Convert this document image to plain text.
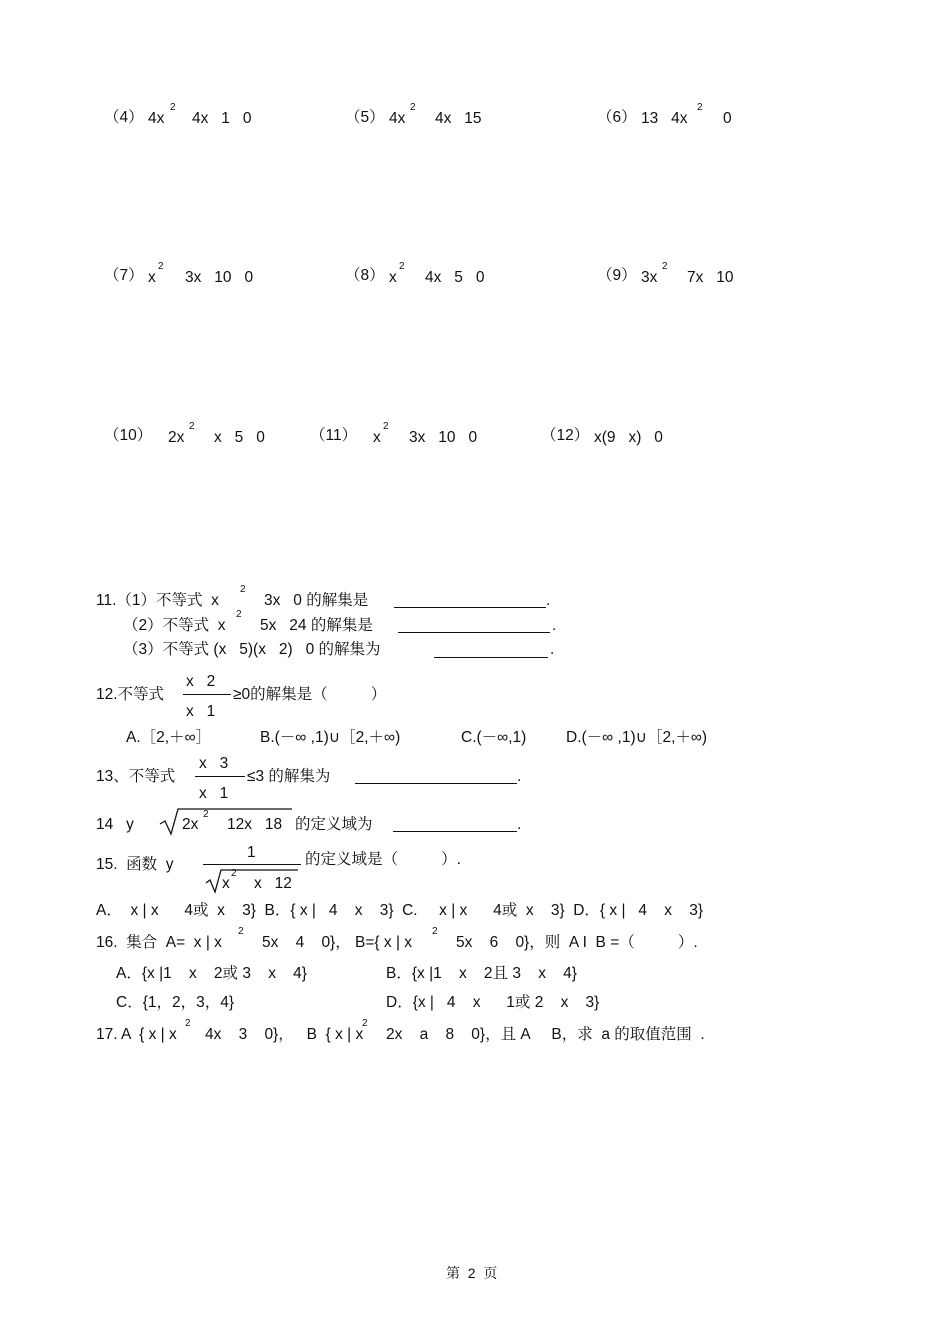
（4） 4x
2
4x   1   0	（5） 4x
2
4x   15	（6） 13   4x
2
0
（7） x
2
3x   10   0	（8） x
2
4x   5   0	（9） 3x
2
7x   10
（10） 2x
2
x   5   0	（11） x
2
3x   10   0	（12） x(9   x)   0
11.（1）不等式  x
2
3x   0 的解集是	.
（2）不等式  x
2
5x   24 的解集是	.
（3）不等式 (x   5)(x   2)   0 的解集为	.
12.不等式
x   2
x   1
≥0的解集是（          ）
A.［2,＋∞］	B.(－∞ ,1)∪［2,＋∞)	C.(－∞,1)	D.(－∞ ,1)∪［2,＋∞)
13、不等式
x   3
x   1
≤3 的解集为	.
14   y	2x
2
12x   18 的定义域为	.
15.  函数  y
1
x
2
x   12
的定义域是（          ）.
A．  x | x      4或  x    3}  B．{ x |   4    x    3}  C.     x | x      4或  x    3}  D．{ x |   4    x    3}
16.  集合  A=  x | x
2
5x    4    0}， B={ x | x
2
5x    6    0}，则  A I  B =（          ）.
A．{x |1    x    2或 3    x    4}	B．{x |1    x    2且 3    x    4}
C．{1，2，3，4}	D．{x |   4    x      1或 2    x    3}
17. A  { x | x
2
4x    3    0}，   B  { x | x
2
2x    a    8    0}，且 A     B，求  a 的取值范围  .
第  2  页
